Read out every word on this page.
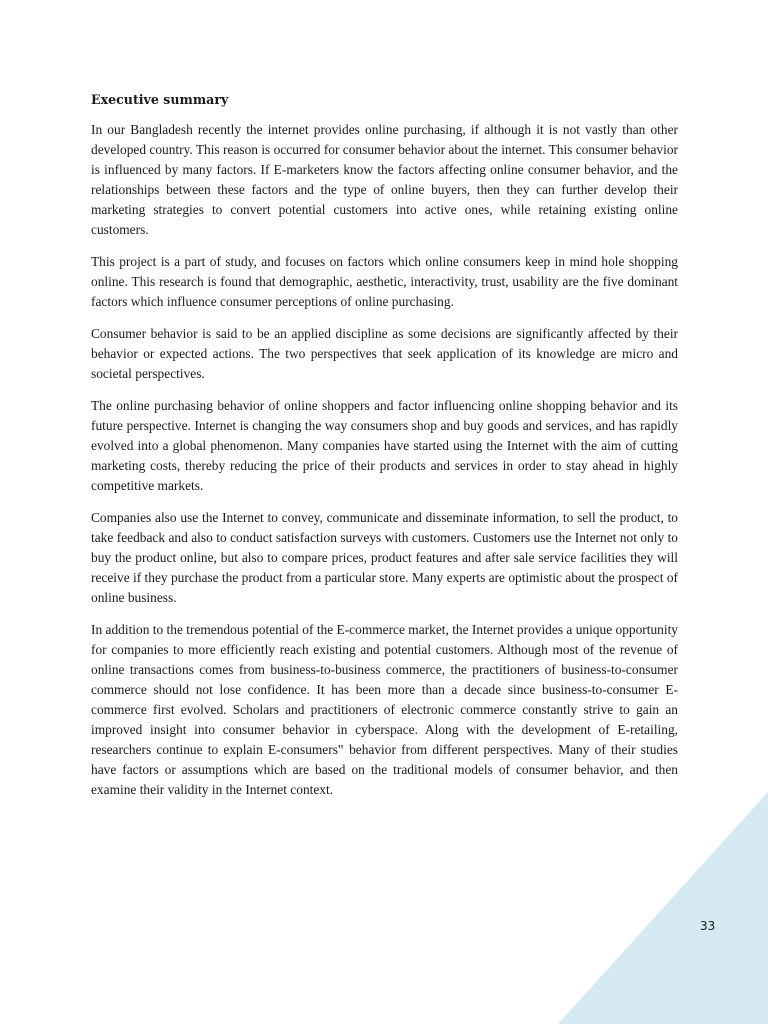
Executive summary

In our Bangladesh recently the internet provides online purchasing, if although it is not vastly than other developed country. This reason is occurred for consumer behavior about the internet. This consumer behavior is influenced by many factors. If E-marketers know the factors affecting online consumer behavior, and the relationships between these factors and the type of online buyers, then they can further develop their marketing strategies to convert potential customers into active ones, while retaining existing online customers.

This project is a part of study, and focuses on factors which online consumers keep in mind hole shopping online. This research is found that demographic, aesthetic, interactivity, trust, usability are the five dominant factors which influence consumer perceptions of online purchasing.

Consumer behavior is said to be an applied discipline as some decisions are significantly affected by their behavior or expected actions. The two perspectives that seek application of its knowledge are micro and societal perspectives.

The online purchasing behavior of online shoppers and factor influencing online shopping behavior and its future perspective. Internet is changing the way consumers shop and buy goods and services, and has rapidly evolved into a global phenomenon. Many companies have started using the Internet with the aim of cutting marketing costs, thereby reducing the price of their products and services in order to stay ahead in highly competitive markets.

Companies also use the Internet to convey, communicate and disseminate information, to sell the product, to take feedback and also to conduct satisfaction surveys with customers. Customers use the Internet not only to buy the product online, but also to compare prices, product features and after sale service facilities they will receive if they purchase the product from a particular store. Many experts are optimistic about the prospect of online business.

In addition to the tremendous potential of the E-commerce market, the Internet provides a unique opportunity for companies to more efficiently reach existing and potential customers. Although most of the revenue of online transactions comes from business-to-business commerce, the practitioners of business-to-consumer commerce should not lose confidence. It has been more than a decade since business-to-consumer E-commerce first evolved. Scholars and practitioners of electronic commerce constantly strive to gain an improved insight into consumer behavior in cyberspace. Along with the development of E-retailing, researchers continue to explain E-consumers‟ behavior from different perspectives. Many of their studies have factors or assumptions which are based on the traditional models of consumer behavior, and then examine their validity in the Internet context.

33
